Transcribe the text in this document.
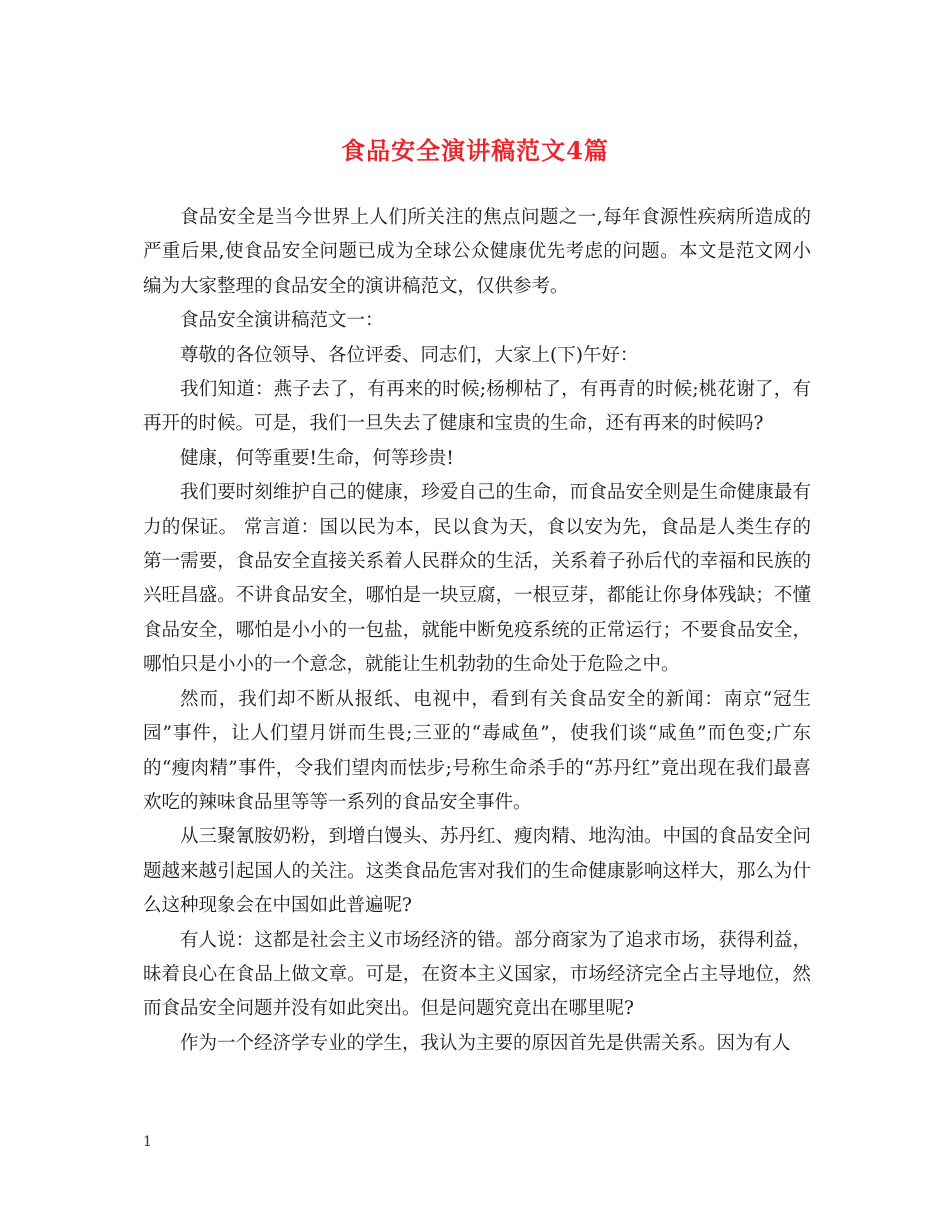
食品安全演讲稿范文4篇

食品安全是当今世界上人们所关注的焦点问题之一,每年食源性疾病所造成的严重后果,使食品安全问题已成为全球公众健康优先考虑的问题。本文是范文网小编为大家整理的食品安全的演讲稿范文，仅供参考。

食品安全演讲稿范文一：

尊敬的各位领导、各位评委、同志们，大家上(下)午好：

我们知道：燕子去了，有再来的时候;杨柳枯了，有再青的时候;桃花谢了，有再开的时候。可是，我们一旦失去了健康和宝贵的生命，还有再来的时候吗?

健康，何等重要!生命，何等珍贵!

我们要时刻维护自己的健康，珍爱自己的生命，而食品安全则是生命健康最有力的保证。 常言道：国以民为本，民以食为天，食以安为先，食品是人类生存的第一需要，食品安全直接关系着人民群众的生活，关系着子孙后代的幸福和民族的兴旺昌盛。不讲食品安全，哪怕是一块豆腐，一根豆芽，都能让你身体残缺；不懂食品安全，哪怕是小小的一包盐，就能中断免疫系统的正常运行；不要食品安全，哪怕只是小小的一个意念，就能让生机勃勃的生命处于危险之中。

然而，我们却不断从报纸、电视中，看到有关食品安全的新闻：南京“冠生园”事件，让人们望月饼而生畏;三亚的“毒咸鱼”，使我们谈“咸鱼”而色变;广东的“瘦肉精”事件，令我们望肉而怯步;号称生命杀手的“苏丹红”竟出现在我们最喜欢吃的辣味食品里等等一系列的食品安全事件。

从三聚氰胺奶粉，到增白馒头、苏丹红、瘦肉精、地沟油。中国的食品安全问题越来越引起国人的关注。这类食品危害对我们的生命健康影响这样大，那么为什么这种现象会在中国如此普遍呢?

有人说：这都是社会主义市场经济的错。部分商家为了追求市场，获得利益，昧着良心在食品上做文章。可是，在资本主义国家，市场经济完全占主导地位，然而食品安全问题并没有如此突出。但是问题究竟出在哪里呢?

作为一个经济学专业的学生，我认为主要的原因首先是供需关系。因为有人

1
